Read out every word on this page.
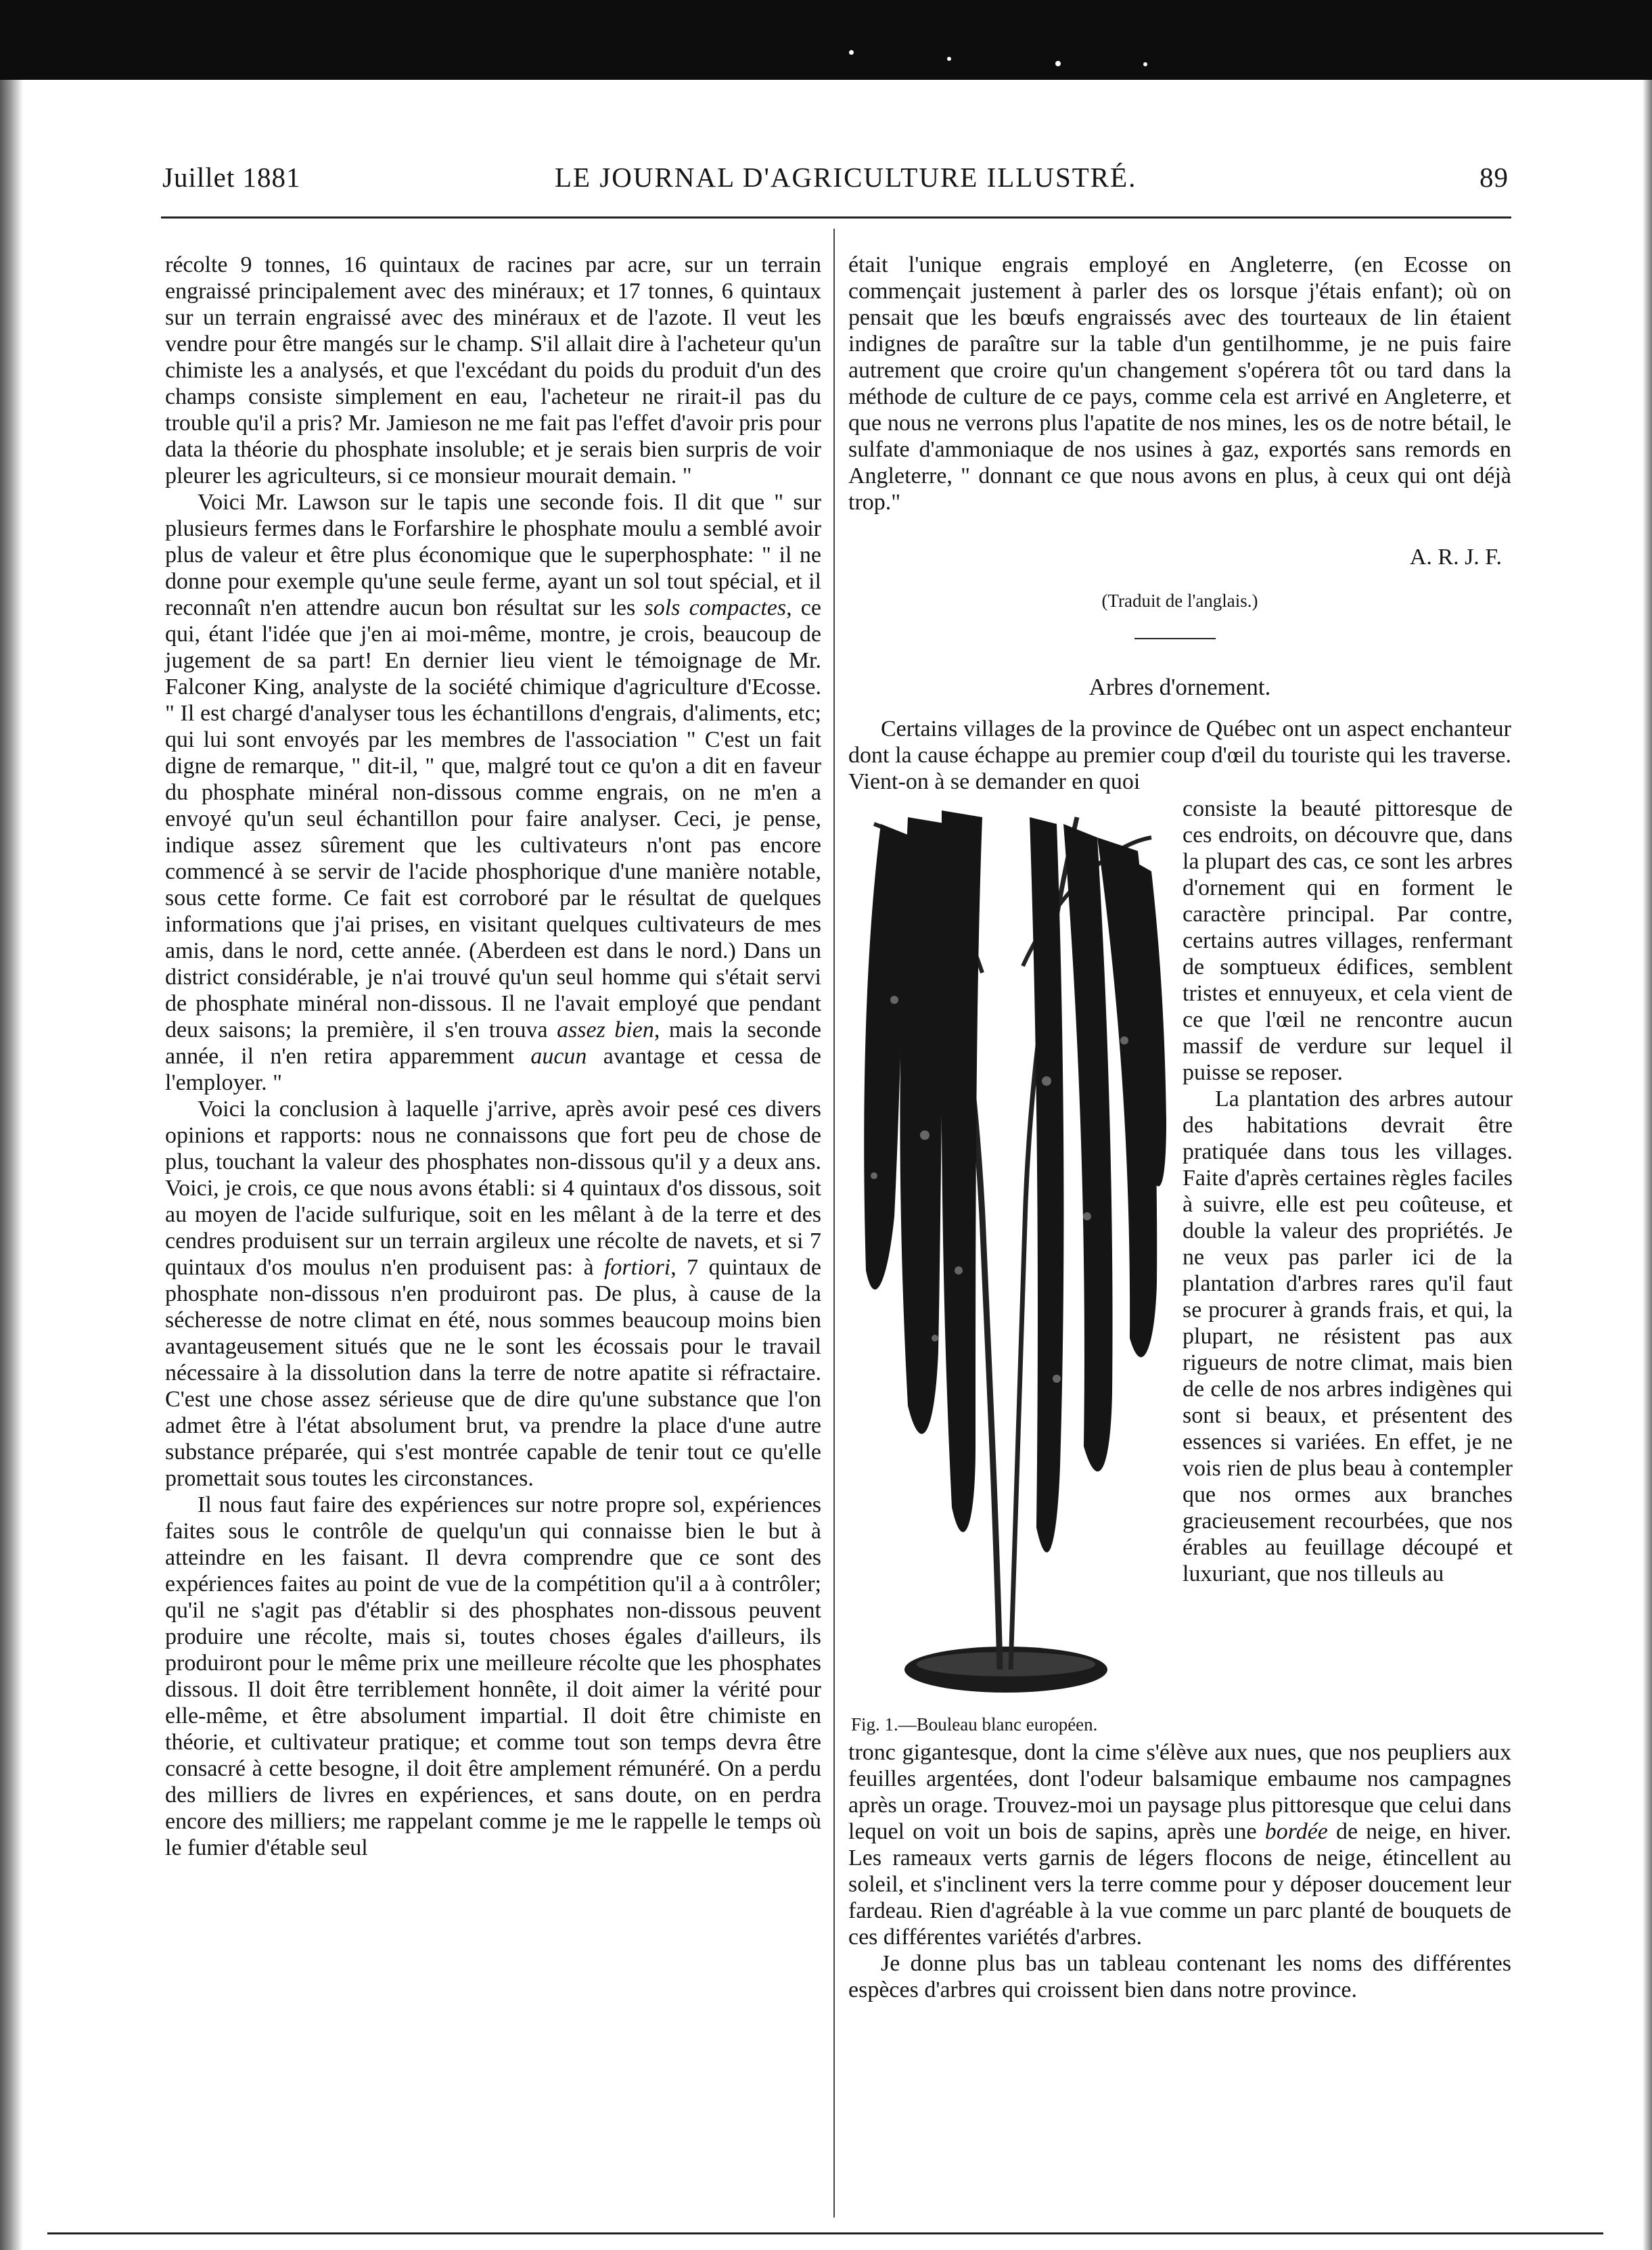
Juillet 1881	LE JOURNAL D'AGRICULTURE ILLUSTRÉ.	89

récolte 9 tonnes, 16 quintaux de racines par acre, sur un terrain engraissé principalement avec des minéraux; et 17 tonnes, 6 quintaux sur un terrain engraissé avec des minéraux et de l'azote. Il veut les vendre pour être mangés sur le champ. S'il allait dire à l'acheteur qu'un chimiste les a analysés, et que l'excédant du poids du produit d'un des champs consiste simplement en eau, l'acheteur ne rirait-il pas du trouble qu'il a pris? Mr. Jamieson ne me fait pas l'effet d'avoir pris pour data la théorie du phosphate insoluble; et je serais bien surpris de voir pleurer les agriculteurs, si ce monsieur mourait demain. "

Voici Mr. Lawson sur le tapis une seconde fois. Il dit que " sur plusieurs fermes dans le Forfarshire le phosphate moulu a semblé avoir plus de valeur et être plus économique que le superphosphate: " il ne donne pour exemple qu'une seule ferme, ayant un sol tout spécial, et il reconnaît n'en attendre aucun bon résultat sur les sols compactes, ce qui, étant l'idée que j'en ai moi-même, montre, je crois, beaucoup de jugement de sa part! En dernier lieu vient le témoignage de Mr. Falconer King, analyste de la société chimique d'agriculture d'Ecosse. " Il est chargé d'analyser tous les échantillons d'engrais, d'aliments, etc; qui lui sont envoyés par les membres de l'association " C'est un fait digne de remarque, " dit-il, " que, malgré tout ce qu'on a dit en faveur du phosphate minéral non-dissous comme engrais, on ne m'en a envoyé qu'un seul échantillon pour faire analyser. Ceci, je pense, indique assez sûrement que les cultivateurs n'ont pas encore commencé à se servir de l'acide phosphorique d'une manière notable, sous cette forme. Ce fait est corroboré par le résultat de quelques informations que j'ai prises, en visitant quelques cultivateurs de mes amis, dans le nord, cette année. (Aberdeen est dans le nord.) Dans un district considérable, je n'ai trouvé qu'un seul homme qui s'était servi de phosphate minéral non-dissous. Il ne l'avait employé que pendant deux saisons; la première, il s'en trouva assez bien, mais la seconde année, il n'en retira apparemment aucun avantage et cessa de l'employer. "

Voici la conclusion à laquelle j'arrive, après avoir pesé ces divers opinions et rapports: nous ne connaissons que fort peu de chose de plus, touchant la valeur des phosphates non-dissous qu'il y a deux ans. Voici, je crois, ce que nous avons établi: si 4 quintaux d'os dissous, soit au moyen de l'acide sulfurique, soit en les mêlant à de la terre et des cendres produisent sur un terrain argileux une récolte de navets, et si 7 quintaux d'os moulus n'en produisent pas: à fortiori, 7 quintaux de phosphate non-dissous n'en produiront pas. De plus, à cause de la sécheresse de notre climat en été, nous sommes beaucoup moins bien avantageusement situés que ne le sont les écossais pour le travail nécessaire à la dissolution dans la terre de notre apatite si réfractaire. C'est une chose assez sérieuse que de dire qu'une substance que l'on admet être à l'état absolument brut, va prendre la place d'une autre substance préparée, qui s'est montrée capable de tenir tout ce qu'elle promettait sous toutes les circonstances.

Il nous faut faire des expériences sur notre propre sol, expériences faites sous le contrôle de quelqu'un qui connaisse bien le but à atteindre en les faisant. Il devra comprendre que ce sont des expériences faites au point de vue de la compétition qu'il a à contrôler; qu'il ne s'agit pas d'établir si des phosphates non-dissous peuvent produire une récolte, mais si, toutes choses égales d'ailleurs, ils produiront pour le même prix une meilleure récolte que les phosphates dissous. Il doit être terriblement honnête, il doit aimer la vérité pour elle-même, et être absolument impartial. Il doit être chimiste en théorie, et cultivateur pratique; et comme tout son temps devra être consacré à cette besogne, il doit être amplement rémunéré. On a perdu des milliers de livres en expériences, et sans doute, on en perdra encore des milliers; me rappelant comme je me le rappelle le temps où le fumier d'étable seul

était l'unique engrais employé en Angleterre, (en Ecosse on commençait justement à parler des os lorsque j'étais enfant); où on pensait que les bœufs engraissés avec des tourteaux de lin étaient indignes de paraître sur la table d'un gentilhomme, je ne puis faire autrement que croire qu'un changement s'opérera tôt ou tard dans la méthode de culture de ce pays, comme cela est arrivé en Angleterre, et que nous ne verrons plus l'apatite de nos mines, les os de notre bétail, le sulfate d'ammoniaque de nos usines à gaz, exportés sans remords en Angleterre, " donnant ce que nous avons en plus, à ceux qui ont déjà trop."

A. R. J. F.
(Traduit de l'anglais.)
Arbres d'ornement.

Certains villages de la province de Québec ont un aspect enchanteur dont la cause échappe au premier coup d'œil du touriste qui les traverse. Vient-on à se demander en quoi

Fig. 1.—Bouleau blanc européen.

consiste la beauté pittoresque de ces endroits, on découvre que, dans la plupart des cas, ce sont les arbres d'ornement qui en forment le caractère principal. Par contre, certains autres villages, renfermant de somptueux édifices, semblent tristes et ennuyeux, et cela vient de ce que l'œil ne rencontre aucun massif de verdure sur lequel il puisse se reposer.

La plantation des arbres autour des habitations devrait être pratiquée dans tous les villages. Faite d'après certaines règles faciles à suivre, elle est peu coûteuse, et double la valeur des propriétés. Je ne veux pas parler ici de la plantation d'arbres rares qu'il faut se procurer à grands frais, et qui, la plupart, ne résistent pas aux rigueurs de notre climat, mais bien de celle de nos arbres indigènes qui sont si beaux, et présentent des essences si variées. En effet, je ne vois rien de plus beau à contempler que nos ormes aux branches gracieusement recourbées, que nos érables au feuillage découpé et luxuriant, que nos tilleuls au

tronc gigantesque, dont la cime s'élève aux nues, que nos peupliers aux feuilles argentées, dont l'odeur balsamique embaume nos campagnes après un orage. Trouvez-moi un paysage plus pittoresque que celui dans lequel on voit un bois de sapins, après une bordée de neige, en hiver. Les rameaux verts garnis de légers flocons de neige, étincellent au soleil, et s'inclinent vers la terre comme pour y déposer doucement leur fardeau. Rien d'agréable à la vue comme un parc planté de bouquets de ces différentes variétés d'arbres.

Je donne plus bas un tableau contenant les noms des différentes espèces d'arbres qui croissent bien dans notre province.
